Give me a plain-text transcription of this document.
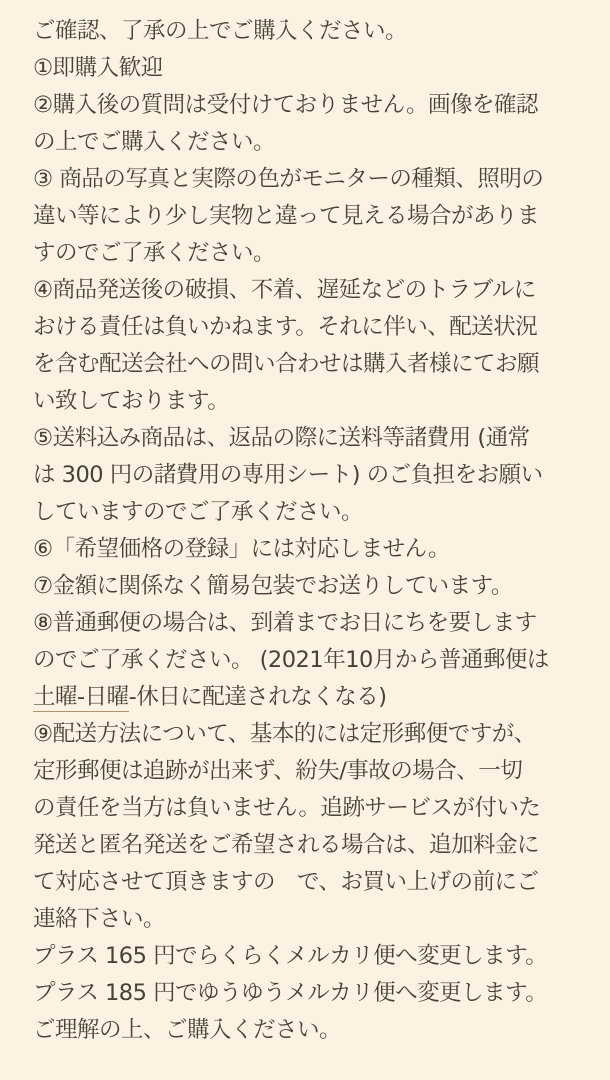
ご確認、了承の上でご購入ください。
①即購入歓迎
②購入後の質問は受付けておりません。画像を確認
の上でご購入ください。
③ 商品の写真と実際の色がモニターの種類、照明の
違い等により少し実物と違って見える場合がありま
すのでご了承ください。
④商品発送後の破損、不着、遅延などのトラブルに
おける責任は負いかねます。それに伴い、配送状況
を含む配送会社への問い合わせは購入者様にてお願
い致しております。
⑤送料込み商品は、返品の際に送料等諸費用 (通常
は 300 円の諸費用の専用シート) のご負担をお願い
していますのでご了承ください。
⑥「希望価格の登録」には対応しません。
⑦金額に関係なく簡易包装でお送りしています。
⑧普通郵便の場合は、到着までお日にちを要します
のでご了承ください。 (2021年10月から普通郵便は
土曜-日曜-休日に配達されなくなる)
⑨配送方法について、基本的には定形郵便ですが、
定形郵便は追跡が出来ず、紛失/事故の場合、一切
の責任を当方は負いません。追跡サービスが付いた
発送と匿名発送をご希望される場合は、追加料金に
て対応させて頂きますの　で、お買い上げの前にご
連絡下さい。
プラス 165 円でらくらくメルカリ便へ変更します。
プラス 185 円でゆうゆうメルカリ便へ変更します。
ご理解の上、ご購入ください。
